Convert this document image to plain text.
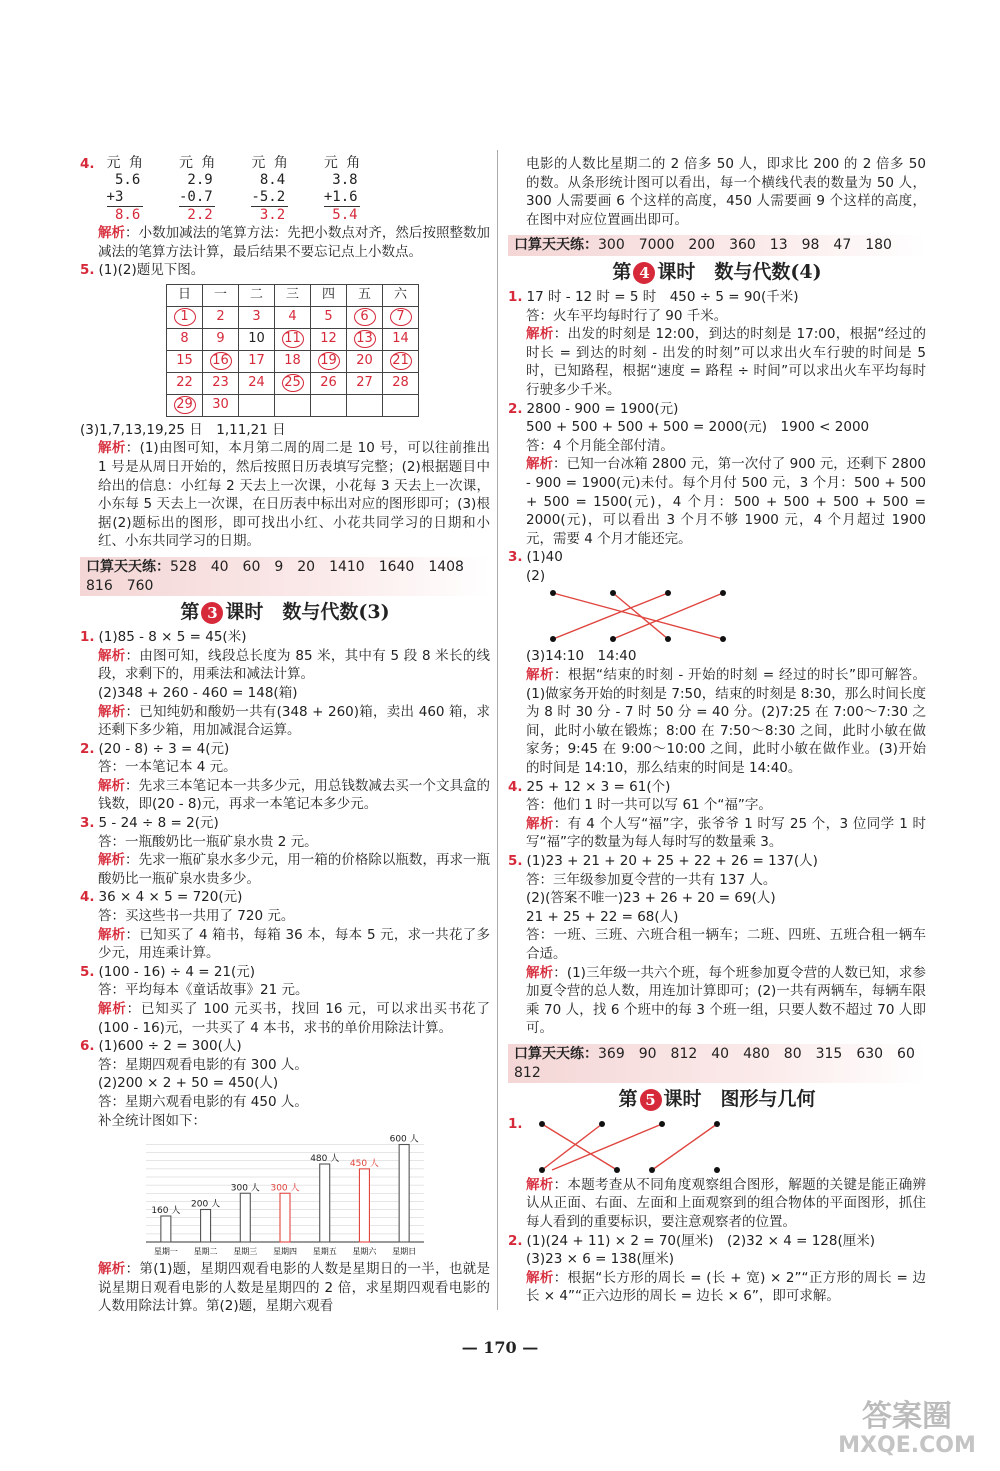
4. 元 角
5.6
+3
8.6
元 角
2.9
-0.7
2.2
元 角
8.4
-5.2
3.2
元 角
3.8
+1.6
5.4

解析：小数加减法的笔算方法：先把小数点对齐，然后按照整数加减法的笔算方法计算，最后结果不要忘记点上小数点。

5. (1)(2)题见下图。

日	一	二	三	四	五	六
1	2	3	4	5	6	7
8	9	10	11	12	13	14
15	16	17	18	19	20	21
22	23	24	25	26	27	28
29	30					

(3)1,7,13,19,25 日　1,11,21 日

解析：(1)由图可知，本月第二周的周二是 10 号，可以往前推出 1 号是从周日开始的，然后按照日历表填写完整；(2)根据题目中给出的信息：小红每 2 天去上一次课，小花每 3 天去上一次课，小东每 5 天去上一次课，在日历表中标出对应的图形即可；(3)根据(2)题标出的图形，即可找出小红、小花共同学习的日期和小红、小东共同学习的日期。

口算天天练：528　40　60　9　20　1410　1640　1408　816　760
第 3 课时　数与代数(3)

1. (1)85 - 8 × 5 = 45(米)

解析：由图可知，线段总长度为 85 米，其中有 5 段 8 米长的线段，求剩下的，用乘法和减法计算。

(2)348 + 260 - 460 = 148(箱)

解析：已知纯奶和酸奶一共有(348 + 260)箱，卖出 460 箱，求还剩下多少箱，用加减混合运算。

2. (20 - 8) ÷ 3 = 4(元)

答：一本笔记本 4 元。

解析：先求三本笔记本一共多少元，用总钱数减去买一个文具盒的钱数，即(20 - 8)元，再求一本笔记本多少元。

3. 5 - 24 ÷ 8 = 2(元)

答：一瓶酸奶比一瓶矿泉水贵 2 元。

解析：先求一瓶矿泉水多少元，用一箱的价格除以瓶数，再求一瓶酸奶比一瓶矿泉水贵多少。

4. 36 × 4 × 5 = 720(元)

答：买这些书一共用了 720 元。

解析：已知买了 4 箱书，每箱 36 本，每本 5 元，求一共花了多少元，用连乘计算。

5. (100 - 16) ÷ 4 = 21(元)

答：平均每本《童话故事》21 元。

解析：已知买了 100 元买书，找回 16 元，可以求出买书花了(100 - 16)元，一共买了 4 本书，求书的单价用除法计算。

6. (1)600 ÷ 2 = 300(人)

答：星期四观看电影的有 300 人。

(2)200 × 2 + 50 = 450(人)

答：星期六观看电影的有 450 人。

补全统计图如下：

160 人
星期一
200 人
星期二
300 人
星期三
300 人
星期四
480 人
星期五
450 人
星期六
600 人
星期日

解析：第(1)题，星期四观看电影的人数是星期日的一半，也就是说星期日观看电影的人数是星期四的 2 倍，求星期四观看电影的人数用除法计算。第(2)题，星期六观看

电影的人数比星期二的 2 倍多 50 人，即求比 200 的 2 倍多 50 的数。从条形统计图可以看出，每一个横线代表的数量为 50 人，300 人需要画 6 个这样的高度，450 人需要画 9 个这样的高度，在图中对应位置画出即可。

口算天天练：300　7000　200　360　13　98　47　180
第 4 课时　数与代数(4)

1. 17 时 - 12 时 = 5 时　450 ÷ 5 = 90(千米)

答：火车平均每时行了 90 千米。

解析：出发的时刻是 12:00，到达的时刻是 17:00，根据“经过的时长 = 到达的时刻 - 出发的时刻”可以求出火车行驶的时间是 5 时，已知路程，根据“速度 = 路程 ÷ 时间”可以求出火车平均每时行驶多少千米。

2. 2800 - 900 = 1900(元)

500 + 500 + 500 + 500 = 2000(元)　1900 < 2000

答：4 个月能全部付清。

解析：已知一台冰箱 2800 元，第一次付了 900 元，还剩下 2800 - 900 = 1900(元)未付。每个月付 500 元，3 个月：500 + 500 + 500 = 1500(元)，4 个月：500 + 500 + 500 + 500 = 2000(元)，可以看出 3 个月不够 1900 元，4 个月超过 1900 元，需要 4 个月才能还完。

3. (1)40

(2)

(3)14:10　14:40

解析：根据“结束的时刻 - 开始的时刻 = 经过的时长”即可解答。(1)做家务开始的时刻是 7:50，结束的时刻是 8:30，那么时间长度为 8 时 30 分 - 7 时 50 分 = 40 分。(2)7:25 在 7:00～7:30 之间，此时小敏在锻炼；8:00 在 7:50～8:30 之间，此时小敏在做家务；9:45 在 9:00～10:00 之间，此时小敏在做作业。(3)开始的时间是 14:10，那么结束的时间是 14:40。

4. 25 + 12 × 3 = 61(个)

答：他们 1 时一共可以写 61 个“福”字。

解析：有 4 个人写“福”字，张爷爷 1 时写 25 个，3 位同学 1 时写“福”字的数量为每人每时写的数量乘 3。

5. (1)23 + 21 + 20 + 25 + 22 + 26 = 137(人)

答：三年级参加夏令营的一共有 137 人。

(2)(答案不唯一)23 + 26 + 20 = 69(人)

21 + 25 + 22 = 68(人)

答：一班、三班、六班合租一辆车；二班、四班、五班合租一辆车合适。

解析：(1)三年级一共六个班，每个班参加夏令营的人数已知，求参加夏令营的总人数，用连加计算即可；(2)一共有两辆车，每辆车限乘 70 人，找 6 个班中的每 3 个班一组，只要人数不超过 70 人即可。

口算天天练：369　90　812　40　480　80　315　630　60　812
第 5 课时　图形与几何

1.

解析：本题考查从不同角度观察组合图形，解题的关键是能正确辨认从正面、右面、左面和上面观察到的组合物体的平面图形，抓住每人看到的重要标识，要注意观察者的位置。

2. (1)(24 + 11) × 2 = 70(厘米)　(2)32 × 4 = 128(厘米)

(3)23 × 6 = 138(厘米)

解析：根据“长方形的周长 = (长 + 宽) × 2”“正方形的周长 = 边长 × 4”“正六边形的周长 = 边长 × 6”，即可求解。

— 170 —
答案圈
MXQE.COM
